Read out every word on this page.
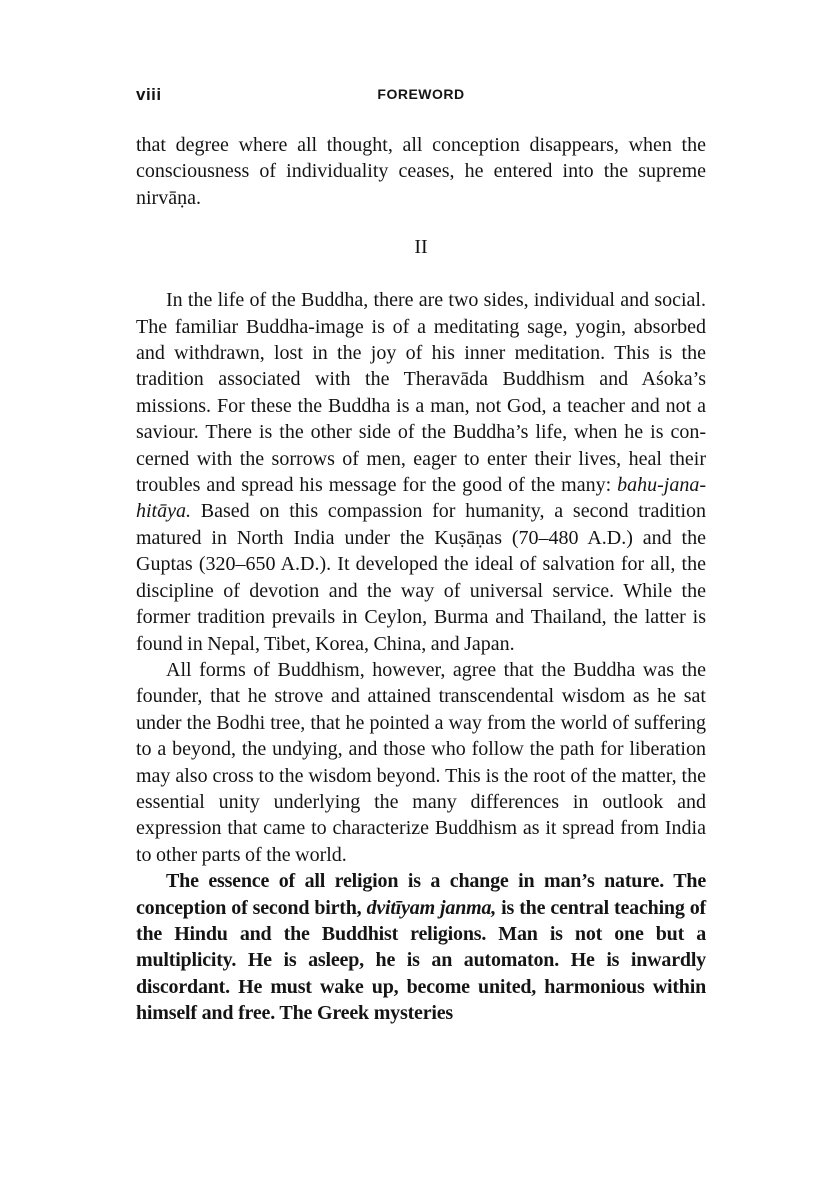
viii	FOREWORD

that degree where all thought, all conception disappears, when the consciousness of individuality ceases, he entered into the supreme nirvāṇa.

II

In the life of the Buddha, there are two sides, individual and social. The familiar Buddha-image is of a meditating sage, yogin, absorbed and withdrawn, lost in the joy of his inner meditation. This is the tradition associated with the Theravāda Buddhism and Aśoka’s missions. For these the Buddha is a man, not God, a teacher and not a saviour. There is the other side of the Buddha’s life, when he is concerned with the sorrows of men, eager to enter their lives, heal their troubles and spread his message for the good of the many: bahu-jana-hitāya. Based on this compassion for humanity, a second tradition matured in North India under the Kuṣāṇas (70–480 A.D.) and the Guptas (320–650 A.D.). It developed the ideal of salvation for all, the discipline of devotion and the way of universal service. While the former tradition prevails in Ceylon, Burma and Thailand, the latter is found in Nepal, Tibet, Korea, China, and Japan.

All forms of Buddhism, however, agree that the Buddha was the founder, that he strove and attained transcendental wisdom as he sat under the Bodhi tree, that he pointed a way from the world of suffering to a beyond, the undying, and those who follow the path for liberation may also cross to the wisdom beyond. This is the root of the matter, the essential unity underlying the many differences in outlook and expression that came to characterize Buddhism as it spread from India to other parts of the world.

The essence of all religion is a change in man’s nature. The conception of second birth, dvitīyam janma, is the central teaching of the Hindu and the Buddhist religions. Man is not one but a multiplicity. He is asleep, he is an automaton. He is inwardly discordant. He must wake up, become united, harmonious within himself and free. The Greek mysteries
